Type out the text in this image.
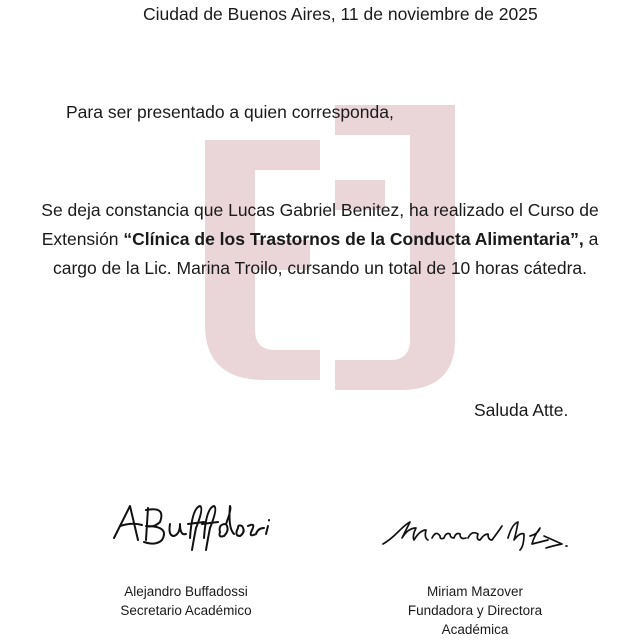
Ciudad de Buenos Aires, 11 de noviembre de 2025
Para ser presentado a quien corresponda,
Se deja constancia que Lucas Gabriel Benitez, ha realizado el Curso de Extensión “Clínica de los Trastornos de la Conducta Alimentaria”, a cargo de la Lic. Marina Troilo, cursando un total de 10 horas cátedra.
Saluda Atte.
Alejandro Buffadossi
Secretario Académico
Miriam Mazover
Fundadora y Directora
Académica
